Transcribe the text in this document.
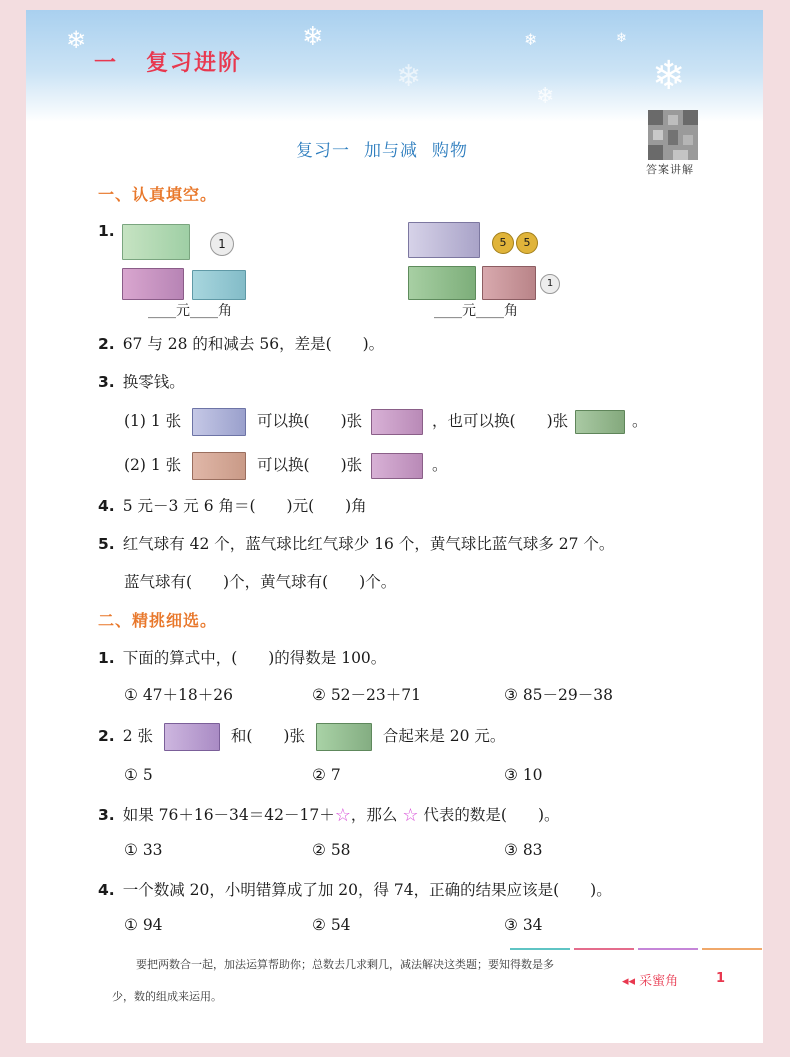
❄	❄
❄
❄
❄ ❄
❄
一 复习进阶
复习一 加与减 购物
答案讲解
一、认真填空。
1.
1
____元____角
5	5
1
____元____角
2. 67 与 28 的和减去 56，差是(　　)。
3. 换零钱。
(1) 1 张	可以换(　　)张	，也可以换(　　)张	。
(2) 1 张	可以换(　　)张	。
4. 5 元－3 元 6 角＝(　　)元(　　)角
5. 红气球有 42 个，蓝气球比红气球少 16 个，黄气球比蓝气球多 27 个。
蓝气球有(　　)个，黄气球有(　　)个。
二、精挑细选。
1. 下面的算式中，(　　)的得数是 100。
① 47＋18＋26	② 52－23＋71	③ 85－29－38
2. 2 张	和(　　)张	合起来是 20 元。
① 5	② 7	③ 10
3. 如果 76＋16－34＝42－17＋☆，那么 ☆ 代表的数是(　　)。
① 33	② 58	③ 83
4. 一个数减 20，小明错算成了加 20，得 74，正确的结果应该是(　　)。
① 94	② 54	③ 34
要把两数合一起，加法运算帮助你；总数去几求剩几，减法解决这类题；要知得数是多
少，数的组成来运用。
◂◂ 采蜜角	1
